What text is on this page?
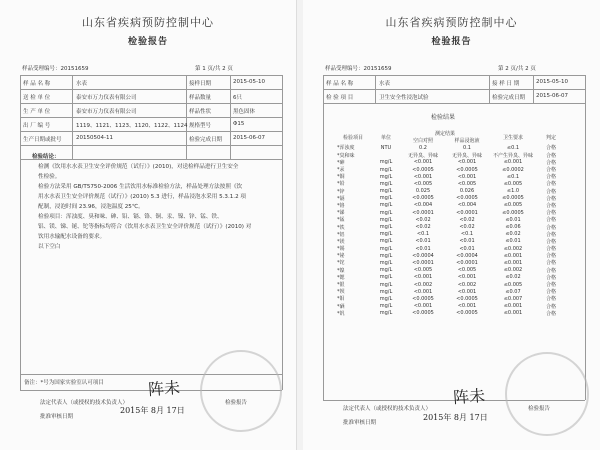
山东省疾病预防控制中心
检验报告
样品受理编号：20151659	第 1 页/共 2 页
样 品 名 称	水表	接样日期	2015-05-10
送 检 单 位	泰安市万力仪表有限公司	样品数量	6只
生 产 单 位	泰安市万力仪表有限公司	样品性状	黑色固体
出 厂 编 号	1119、1121、1123、1120、1122、1124 规格型号	Φ15
生产日期或批号	20150504-11	检验完成日期 2015-06-07
检验结论：
检测《饮用水水表卫生安全评价规范（试行）》(2010)，对送检样品进行卫生安全
性检验。
检验方法采用 GB/T5750-2006 生活饮用水标准检验方法，样品处理方法按照《饮
用水水表卫生安全评价规范（试行）》(2010) 5.3 进行，样品浸泡水采用 5.3.1.2 项
配制，浸泡时间 23.96，浸泡温度 25℃。
检验项目：浑浊度、臭和味、砷、铅、镉、铬、铜、汞、镍、锌、锰、铁、
铝、镁、锑、铋、铊等指标均符合《饮用水水表卫生安全评价规范（试行）》(2010) 对
饮用水输配水设备的要求。
以下空白
备注：*号为国家实验室认可项目
法定代表人（或授权的技术负责人）
阵未
批准审核日期
2015年 8月 17日
检验报告
山东省疾病预防控制中心
检验报告
样品受理编号：20151659	第 2 页/共 2 页
样 品 名 称	水表	接 样 日 期	2015-05-10
检 验 项 目	卫生安全性浸泡试验	检验完成日期 2015-06-07
检验结果
检验项目	单位	测定结果		卫生要求	判定
		空白对照	样品浸泡液		
*浑浊度	NTU	0.2	0.1	≤0.1	合格
*臭和味		无异臭、异味	无异臭、异味	不产生异臭、异味	合格
*砷	mg/L	<0.001	<0.001	≤0.001	合格
*汞	mg/L	<0.0005	<0.0005	≤0.0002	合格
*铜	mg/L	<0.001	<0.001	≤0.1	合格
*铅	mg/L	<0.005	<0.005	≤0.005	合格
*锌	mg/L	0.025	0.026	≤1.0	合格
*镉	mg/L	<0.0005	<0.0005	≤0.0005	合格
*铬	mg/L	<0.004	<0.004	≤0.005	合格
*锑	mg/L	<0.0001	<0.0001	≤0.0005	合格
*锰	mg/L	<0.02	<0.02	≤0.01	合格
*铁	mg/L	<0.02	<0.02	≤0.06	合格
*铝	mg/L	<0.1	<0.1	≤0.02	合格
*镁	mg/L	<0.01	<0.01	≤0.01	合格
*锡	mg/L	<0.01	<0.01	≤0.002	合格
*铋	mg/L	<0.0004	<0.0004	≤0.001	合格
*铊	mg/L	<0.0001	<0.0001	≤0.001	合格
*镍	mg/L	<0.005	<0.005	≤0.002	合格
*锶	mg/L	<0.001	<0.001	≤0.02	合格
*银	mg/L	<0.002	<0.002	≤0.005	合格
*钡	mg/L	<0.001	<0.001	≤0.07	合格
*钼	mg/L	<0.0005	<0.0005	≤0.007	合格
*硒	mg/L	<0.001	<0.001	≤0.001	合格
*钒	mg/L	<0.0005	<0.0005	≤0.001	合格
法定代表人（或授权的技术负责人）
阵未
批准审核日期
2015年 8月 17日
检验报告
